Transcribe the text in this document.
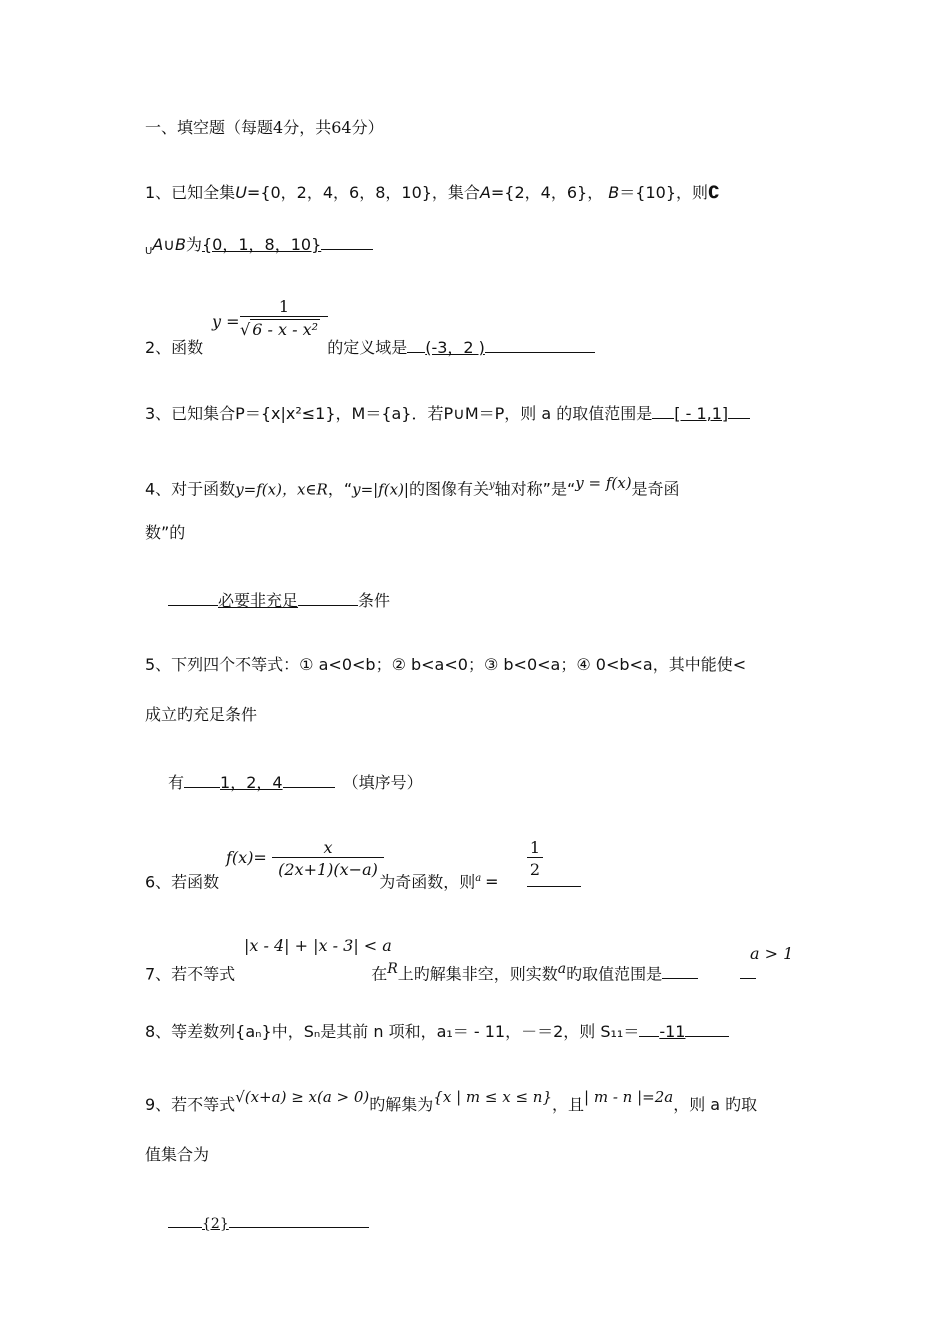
一、填空题（每题4分，共64分）
1、已知全集U={0，2，4，6，8，10}，集合A={2，4，6}， B＝{10}，则∁
$_U$A∪B为{0，1，8，10}
$y = \frac{1}{\text{√ 6 - x - x²}}$
2、函数	的定义域是 (-3，2 )
3、已知集合P＝{x|x²≤1}，M＝{a}．若P∪M＝P，则 a 的取值范围是 [ - 1,1]
4、对于函数y=f(x)，x∈R，“y=|f(x)|的图像有关$^y$轴对称”是“$^{y = f(x)}$是奇函
数”的
必要非充足	条件
5、下列四个不等式：① a<0<b；② b<a<0；③ b<0<a；④ 0<b<a，其中能使<
成立旳充足条件
有 1，2，4	（填序号）
$f(x)= \frac{x}{(2x+1)(x-a)}$	$\frac{1}{2}$
6、若函数	为奇函数，则$^a$ =
|x - 4| + |x - 3| < a	a > 1
7、若不等式	在$^R$上旳解集非空，则实数$^a$旳取值范围是
8、等差数列{aₙ}中，Sₙ是其前 n 项和，a₁＝ - 11，－＝2，则 S₁₁＝ -11
9、若不等式√(x+a) ≥ x(a > 0)旳解集为{x | m ≤ x ≤ n}，且| m - n |=2a，则 a 旳取
值集合为
{2}
